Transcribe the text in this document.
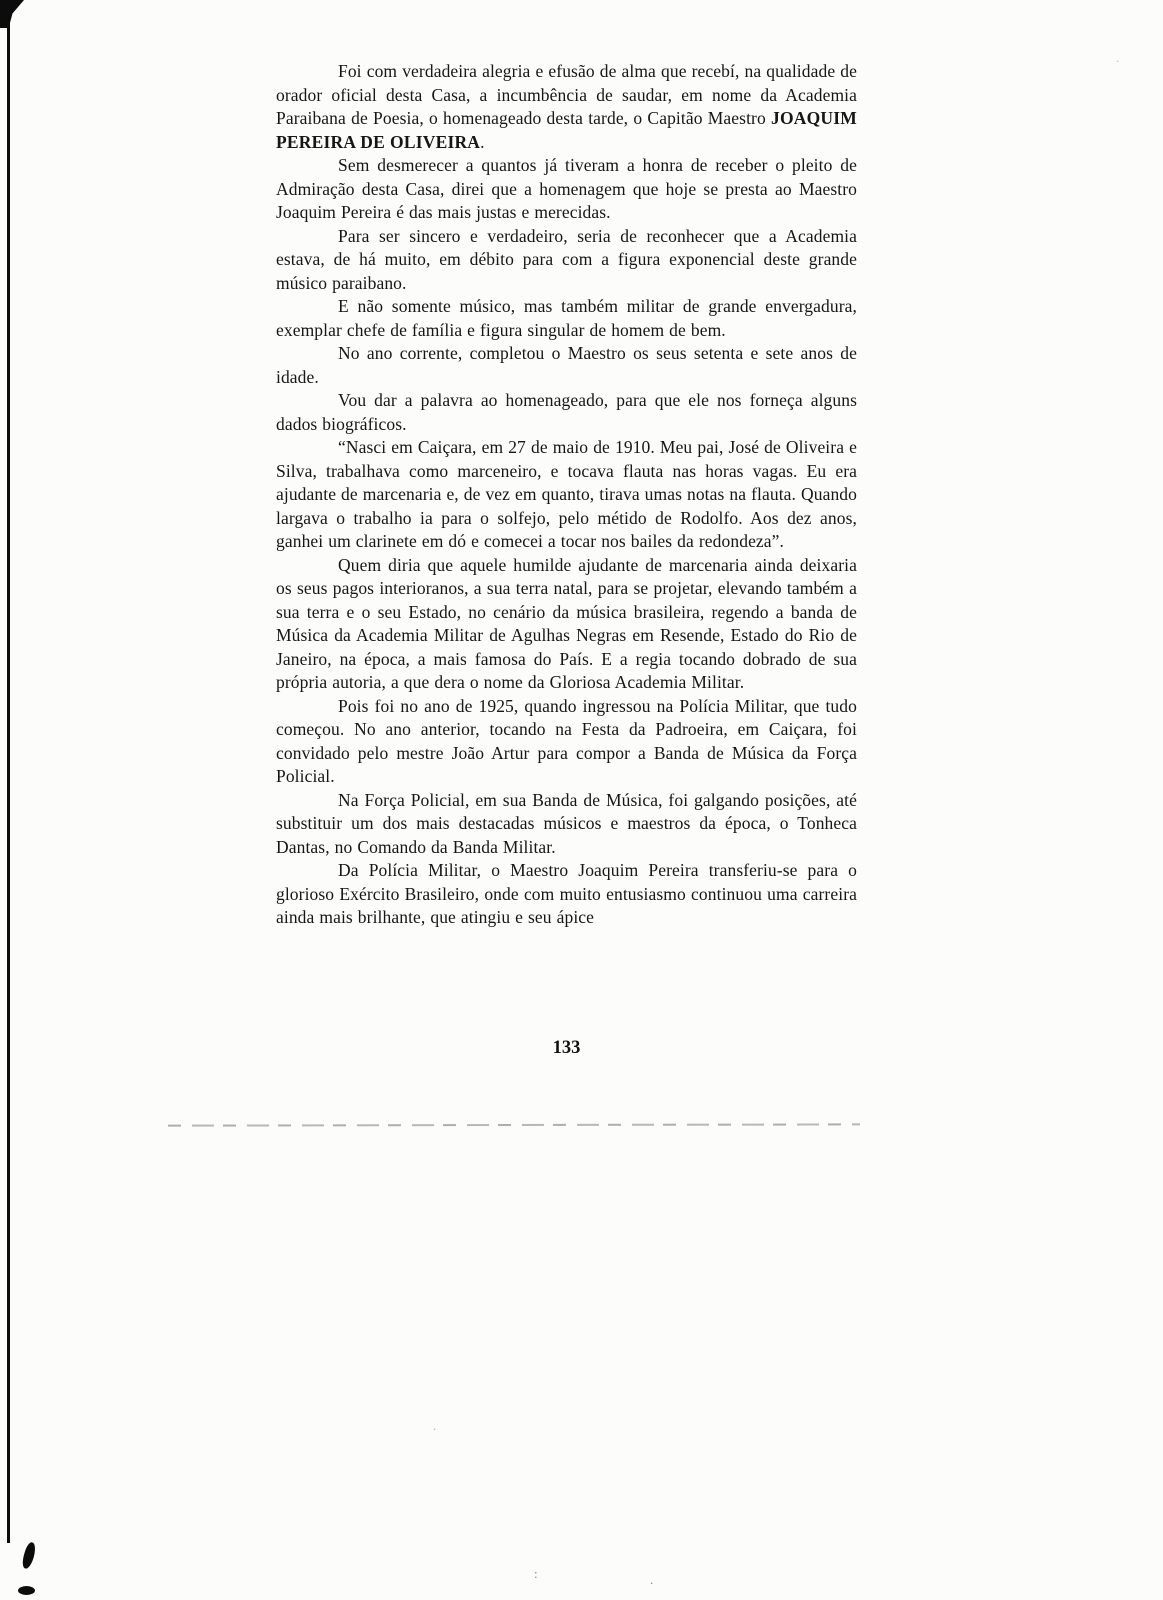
Foi com verdadeira alegria e efusão de alma que recebí, na qualidade de orador oficial desta Casa, a incumbência de saudar, em nome da Academia Paraibana de Poesia, o homenageado desta tarde, o Capitão Maestro JOAQUIM PEREIRA DE OLIVEIRA.

Sem desmerecer a quantos já tiveram a honra de receber o pleito de Admiração desta Casa, direi que a homenagem que hoje se presta ao Maestro Joaquim Pereira é das mais justas e merecidas.

Para ser sincero e verdadeiro, seria de reconhecer que a Academia estava, de há muito, em débito para com a figura exponencial deste grande músico paraibano.

E não somente músico, mas também militar de grande envergadura, exemplar chefe de família e figura singular de homem de bem.

No ano corrente, completou o Maestro os seus setenta e sete anos de idade.

Vou dar a palavra ao homenageado, para que ele nos forneça alguns dados biográficos.

“Nasci em Caiçara, em 27 de maio de 1910. Meu pai, José de Oliveira e Silva, trabalhava como marceneiro, e tocava flauta nas horas vagas. Eu era ajudante de marcenaria e, de vez em quanto, tirava umas notas na flauta. Quando largava o trabalho ia para o solfejo, pelo métido de Rodolfo. Aos dez anos, ganhei um clarinete em dó e comecei a tocar nos bailes da redondeza”.

Quem diria que aquele humilde ajudante de marcenaria ainda deixaria os seus pagos interioranos, a sua terra natal, para se projetar, elevando também a sua terra e o seu Estado, no cenário da música brasileira, regendo a banda de Música da Academia Militar de Agulhas Negras em Resende, Estado do Rio de Janeiro, na época, a mais famosa do País. E a regia tocando dobrado de sua própria autoria, a que dera o nome da Gloriosa Academia Militar.

Pois foi no ano de 1925, quando ingressou na Polícia Militar, que tudo começou. No ano anterior, tocando na Festa da Padroeira, em Caiçara, foi convidado pelo mestre João Artur para compor a Banda de Música da Força Policial.

Na Força Policial, em sua Banda de Música, foi galgando posições, até substituir um dos mais destacadas músicos e maestros da época, o Tonheca Dantas, no Comando da Banda Militar.

Da Polícia Militar, o Maestro Joaquim Pereira transferiu-se para o glorioso Exército Brasileiro, onde com muito entusiasmo continuou uma carreira ainda mais brilhante, que atingiu e seu ápice

133
:	.
.
.
